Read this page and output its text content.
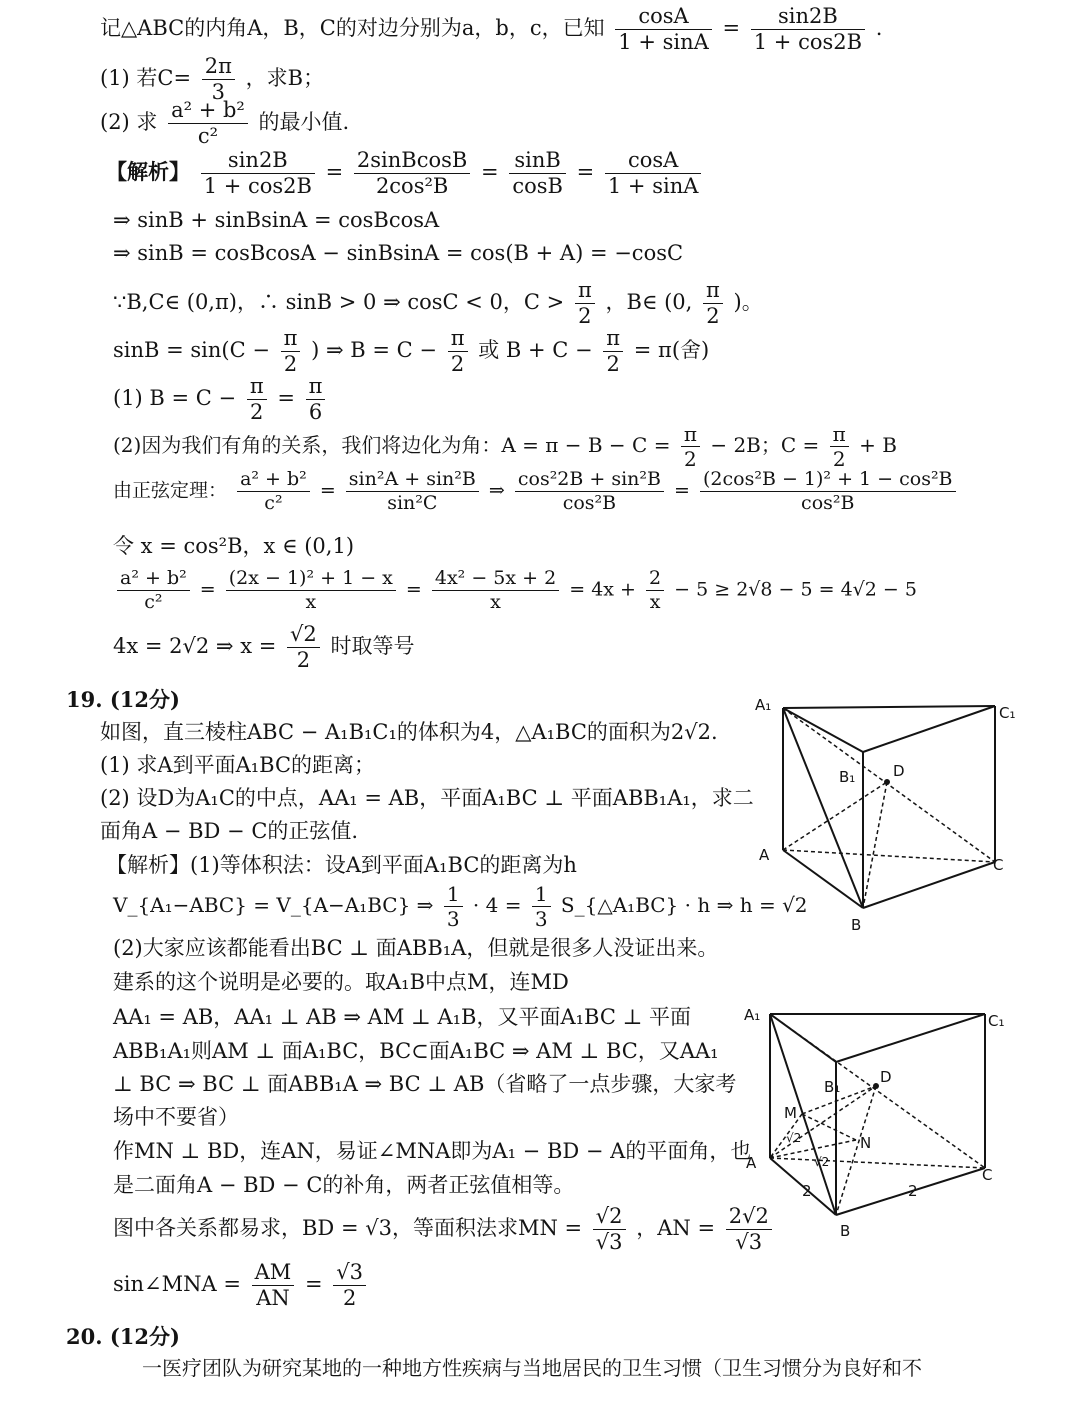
记△ABC的内角A，B，C的对边分别为a，b，c，已知 $\frac{\cos A}{1 + \sin A} = \frac{\sin 2B}{1 + \cos 2B}$ .
(1) 若$C= \frac{2\pi}{3}$ ，求B；
(2) 求 $\frac{\text{a² + b²}}{\text{c²}}$ 的最小值.
【解析】 $\frac{\sin 2B}{1 + \cos 2B} = \frac{\text{2sinBcosB}}{\text{2cos²B}} = \frac{\sin B}{\cos B} = \frac{\cos A}{1 + \sin A}$
⇒ sinB + sinBsinA = cosBcosA
⇒ sinB = cosBcosA − sinBsinA = cos(B + A) = −cosC
∵B,C∈ (0,π)，∴ sinB > 0 ⇒ cosC < 0，$C > \frac{\pi}{2}$ ，B∈ (0, $\frac{\pi}{2}$ )。
$\sin B = \sin(C - \frac{\pi}{2}$ ) ⇒ $B = C - \frac{\pi}{2}$ 或 $B + C - \frac{\pi}{2} = \pi$(舍)
(1) $B = C - \frac{\pi}{2} = \frac{\pi}{6}$
(2)因为我们有角的关系，我们将边化为角：$A = \pi - B - C = \frac{\pi}{2} - 2B$；$C = \frac{\pi}{2} + B$
由正弦定理： $\frac{\text{a² + b²}}{\text{c²}} = \frac{\text{sin²A + sin²B}}{\text{sin²C}}$ ⇒ $\frac{\text{cos²2B + sin²B}}{\text{cos²B}} = \frac{\text{(2cos²B − 1)² + 1 − cos²B}}{\text{cos²B}}$
令 x = cos²B，x ∈ (0,1)
$\frac{\text{a² + b²}}{\text{c²}} = \frac{\text{(2x − 1)² + 1 − x}}{x} = \frac{\text{4x² − 5x + 2}}{x} = 4x + \frac{2}{x} - 5 \ge 2√8 - 5 = 4√2 - 5$
4x = 2√2 ⇒ $x = \frac{√2}{2}$ 时取等号
19. (12分)
如图，直三棱柱ABC − A₁B₁C₁的体积为4，△A₁BC的面积为2√2.
(1) 求A到平面A₁BC的距离；
(2) 设D为A₁C的中点，AA₁ = AB，平面A₁BC ⊥ 平面ABB₁A₁，求二
面角A − BD − C的正弦值.
【解析】(1)等体积法：设A到平面A₁BC的距离为h
V_{A₁−ABC} = V_{A−A₁BC} ⇒ $\frac{1}{3} \cdot 4 = \frac{1}{3}$ S_{△A₁BC} · h ⇒ h = √2
(2)大家应该都能看出BC ⊥ 面ABB₁A，但就是很多人没证出来。
建系的这个说明是必要的。取A₁B中点M，连MD
AA₁ = AB，AA₁ ⊥ AB ⇒ AM ⊥ A₁B，又平面A₁BC ⊥ 平面
ABB₁A₁则AM ⊥ 面A₁BC，BC⊂面A₁BC ⇒ AM ⊥ BC，又AA₁
⊥ BC ⇒ BC ⊥ 面ABB₁A ⇒ BC ⊥ AB（省略了一点步骤，大家考
场中不要省）
作MN ⊥ BD，连AN，易证∠MNA即为A₁ − BD − A的平面角，也
是二面角A − BD − C的补角，两者正弦值相等。
图中各关系都易求，BD = √3，等面积法求MN = $\frac{√2}{√3}$ ，AN = $\frac{2√2}{√3}$
sin∠MNA = $\frac{AM}{AN} = \frac{√3}{2}$
A₁	C₁
B₁	D
A
C
B
A₁	C₁
B₁
D
M
N
A
C
B
√2
√2
2	2
20. (12分)
一医疗团队为研究某地的一种地方性疾病与当地居民的卫生习惯（卫生习惯分为良好和不
